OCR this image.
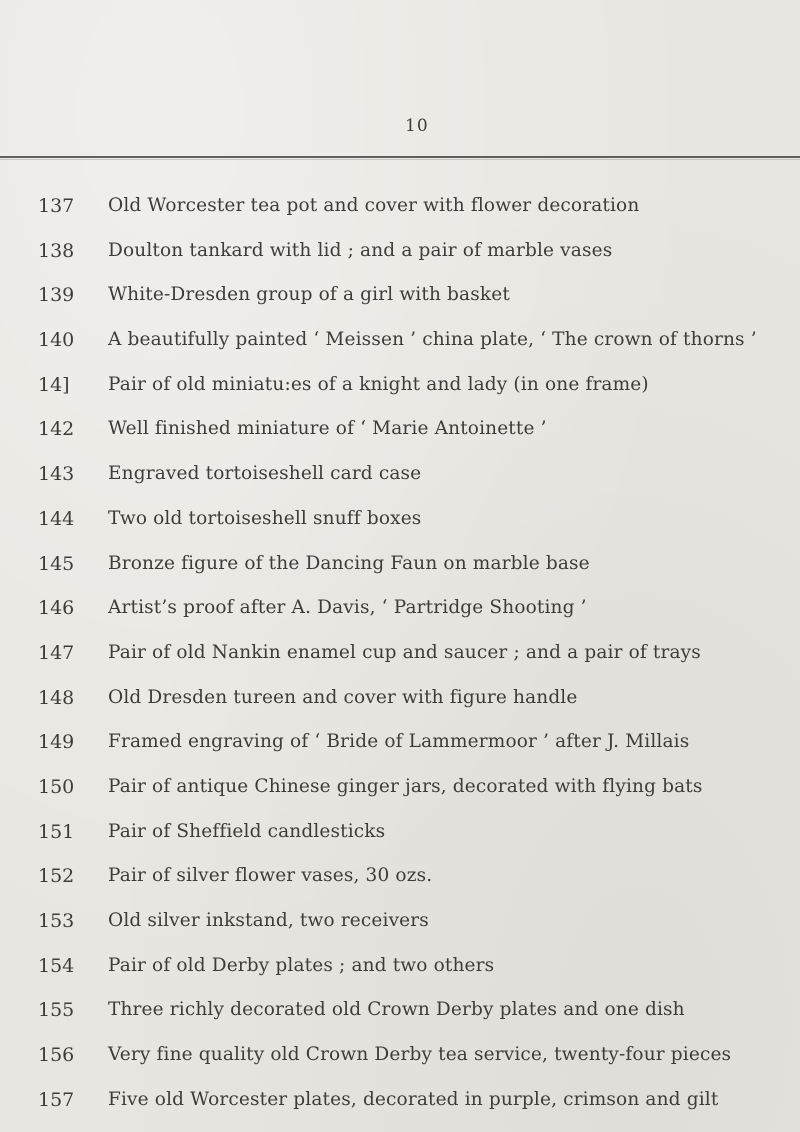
10
137	Old Worcester tea pot and cover with flower decoration
138	Doulton tankard with lid ; and a pair of marble vases
139	White-Dresden group of a girl with basket
140	A beautifully painted ‘ Meissen ’ china plate, ‘ The crown of thorns ’
14]	Pair of old miniatu:es of a knight and lady (in one frame)
142	Well finished miniature of ‘ Marie Antoinette ’
143	Engraved tortoiseshell card case
144	Two old tortoiseshell snuff boxes
145	Bronze figure of the Dancing Faun on marble base
146	Artist’s proof after A. Davis, ‘ Partridge Shooting ’
147	Pair of old Nankin enamel cup and saucer ; and a pair of trays
148	Old Dresden tureen and cover with figure handle
149	Framed engraving of ‘ Bride of Lammermoor ’ after J. Millais
150	Pair of antique Chinese ginger jars, decorated with flying bats
151	Pair of Sheffield candlesticks
152	Pair of silver flower vases, 30 ozs.
153	Old silver inkstand, two receivers
154	Pair of old Derby plates ; and two others
155	Three richly decorated old Crown Derby plates and one dish
156	Very fine quality old Crown Derby tea service, twenty-four pieces
157	Five old Worcester plates, decorated in purple, crimson and gilt
